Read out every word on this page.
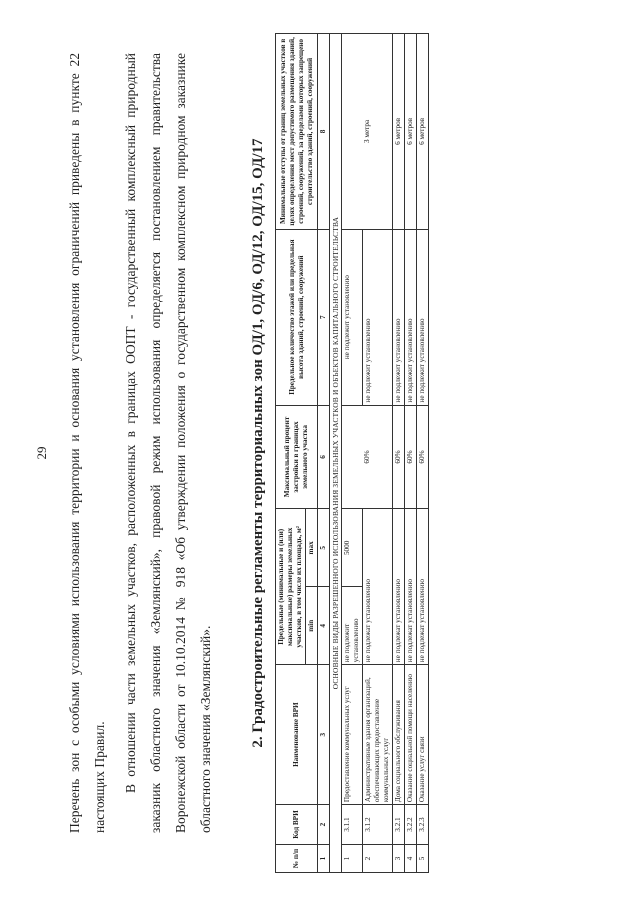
29	Перечень зон с особыми условиями использования территории и основания установления ограничений приведены в пункте 22 настоящих Правил.	В отношении части земельных участков, расположенных в границах ООПТ - государственный комплексный природный заказник областного значения «Землянский», правовой режим использования определяется постановлением правительства Воронежской области от 10.10.2014 № 918 «Об утверждении положения о государственном комплексном природном заказнике областного значения «Землянский».	2. Градостроительные регламенты территориальных зон ОД/1, ОД/6, ОД/12, ОД/15, ОД/17
№ п/п	Код ВРИ	Наименование ВРИ	Предельные (минимальные и (или) максимальные) размеры земельных участков, в том числе их площадь, м²		Максимальный процент застройки в границах земельного участка	Предельное количество этажей или предельная высота зданий, строений, сооружений	Минимальные отступы от границ земельных участков в целях определения мест допустимого размещения зданий, строений, сооружений, за пределами которых запрещено строительство зданий, строений, сооружений
			min	max			
1	2	3	4	5	6	7	8
ОСНОВНЫЕ ВИДЫ РАЗРЕШЕННОГО ИСПОЛЬЗОВАНИЯ ЗЕМЕЛЬНЫХ УЧАСТКОВ И ОБЪЕКТОВ КАПИТАЛЬНОГО СТРОИТЕЛЬСТВА							
1	3.1.1	Предоставление коммунальных услуг	не подлежит установлению	5000	60%	не подлежит установлению	3 метра
2	3.1.2	Административные здания организаций, обеспечивающих предоставление коммунальных услуг	не подлежат установлению			не подлежит установлению	
3	3.2.1	Дома социального обслуживания	не подлежат установлению		60%	не подлежит установлению	6 метров
4	3.2.2	Оказание социальной помощи населению	не подлежат установлению		60%	не подлежит установлению	6 метров
5	3.2.3	Оказание услуг связи	не подлежат установлению		60%	не подлежит установлению	6 метров
